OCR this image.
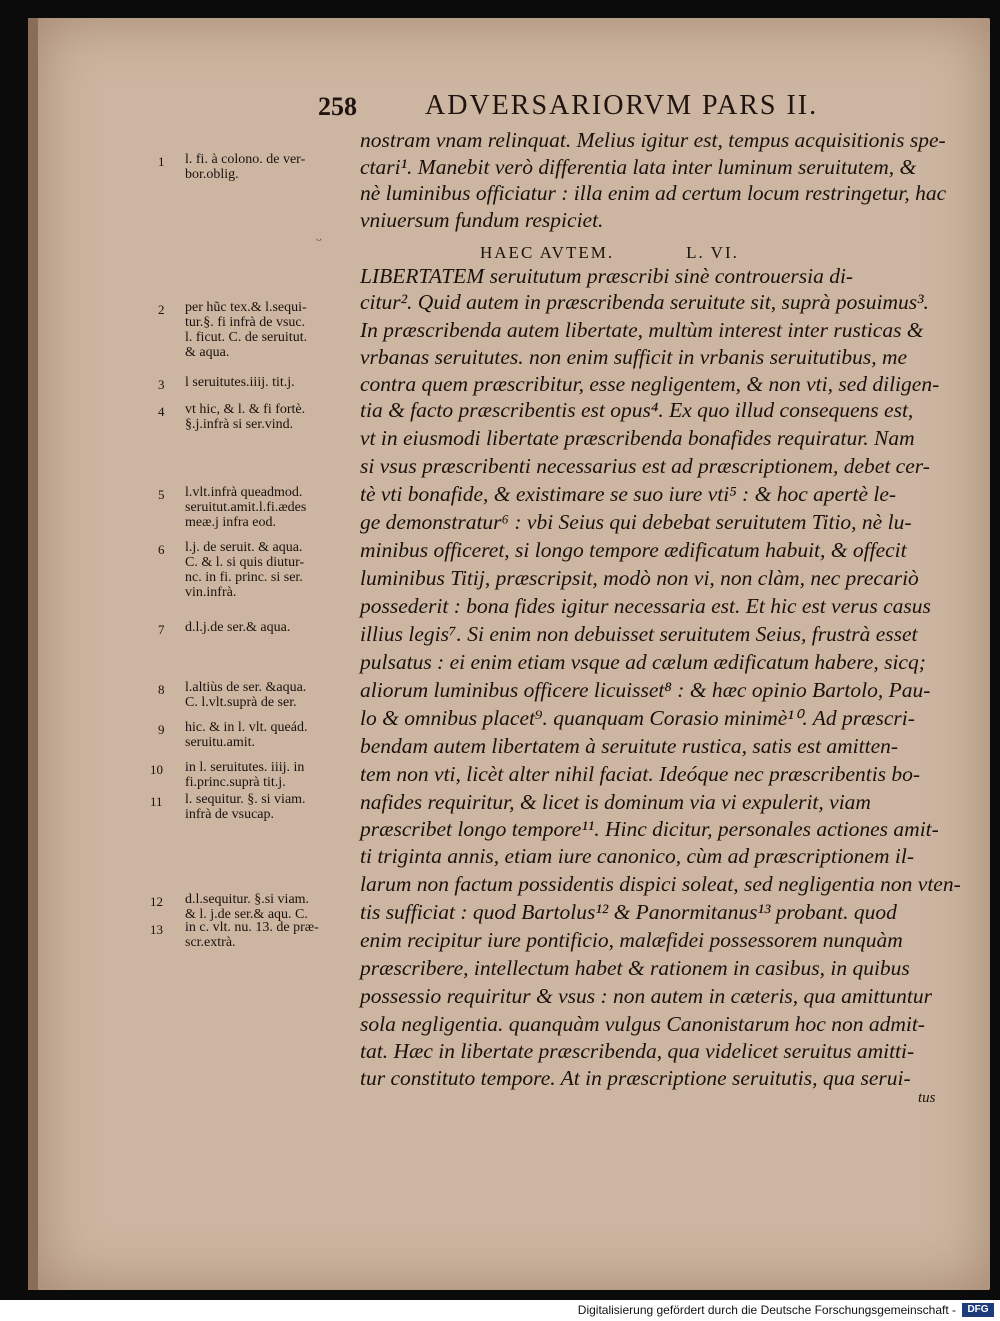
258 ADVERSARIORVM PARS II.
HAEC AVTEM.	L. VI.
nostram vnam relinquat. Melius igitur est, tempus acquisitionis spe-
ctari¹. Manebit verò differentia lata inter luminum seruitutem, &
nè luminibus officiatur : illa enim ad certum locum restringetur, hac
vniuersum fundum respiciet.
LIBERTATEM seruitutum præscribi sinè controuersia di-
citur². Quid autem in præscribenda seruitute sit, suprà posuimus³.
In præscribenda autem libertate, multùm interest inter rusticas &
vrbanas seruitutes. non enim sufficit in vrbanis seruitutibus, me
contra quem præscribitur, esse negligentem, & non vti, sed diligen-
tia & facto præscribentis est opus⁴. Ex quo illud consequens est,
vt in eiusmodi libertate præscribenda bonafides requiratur. Nam
si vsus præscribenti necessarius est ad præscriptionem, debet cer-
tè vti bonafide, & existimare se suo iure vti⁵ : & hoc apertè le-
ge demonstratur⁶ : vbi Seius qui debebat seruitutem Titio, nè lu-
minibus officeret, si longo tempore ædificatum habuit, & offecit
luminibus Titij, præscripsit, modò non vi, non clàm, nec precariò
possederit : bona fides igitur necessaria est. Et hic est verus casus
illius legis⁷. Si enim non debuisset seruitutem Seius, frustrà esset
pulsatus : ei enim etiam vsque ad cælum ædificatum habere, sicq;
aliorum luminibus officere licuisset⁸ : & hæc opinio Bartolo, Pau-
lo & omnibus placet⁹. quanquam Corasio minimè¹⁰. Ad præscri-
bendam autem libertatem à seruitute rustica, satis est amitten-
tem non vti, licèt alter nihil faciat. Ideóque nec præscribentis bo-
nafides requiritur, & licet is dominum via vi expulerit, viam
præscribet longo tempore¹¹. Hinc dicitur, personales actiones amit-
ti triginta annis, etiam iure canonico, cùm ad præscriptionem il-
larum non factum possidentis dispici soleat, sed negligentia non vten-
tis sufficiat : quod Bartolus¹² & Panormitanus¹³ probant. quod
enim recipitur iure pontificio, malæfidei possessorem nunquàm
præscribere, intellectum habet & rationem in casibus, in quibus
possessio requiritur & vsus : non autem in cæteris, qua amittuntur
sola negligentia. quanquàm vulgus Canonistarum hoc non admit-
tat. Hæc in libertate præscribenda, qua videlicet seruitus amitti-
tur constituto tempore. At in præscriptione seruitutis, qua serui-
tus
1 l. fi. à colono. de ver-
bor.oblig.
2 per hũc tex.& l.sequi-
tur.§. fi infrà de vsuc.
l. ficut. C. de seruitut.
& aqua.
3 l seruitutes.iiij. tit.j.
4 vt hic, & l. & fi fortè.
§.j.infrà si ser.vind.
5 l.vlt.infrà queadmod.
seruitut.amit.l.fi.ædes
meæ.j infra eod.
6 l.j. de seruit. & aqua.
C. & l. si quis diutur-
nc. in fi. princ. si ser.
vin.infrà.
7 d.l.j.de ser.& aqua.
8 l.altiùs de ser. &aqua.
C. l.vlt.suprà de ser.
9 hic. & in l. vlt. queád.
seruitu.amit.
10 in l. seruitutes. iiij. in
fi.princ.suprà tit.j.
11 l. sequitur. §. si viam.
infrà de vsucap.
12 d.l.sequitur. §.si viam.
& l. j.de ser.& aqu. C.
13 in c. vlt. nu. 13. de præ-
scr.extrà.
ᵕ
Digitalisierung gefördert durch die Deutsche Forschungsgemeinschaft -	DFG
